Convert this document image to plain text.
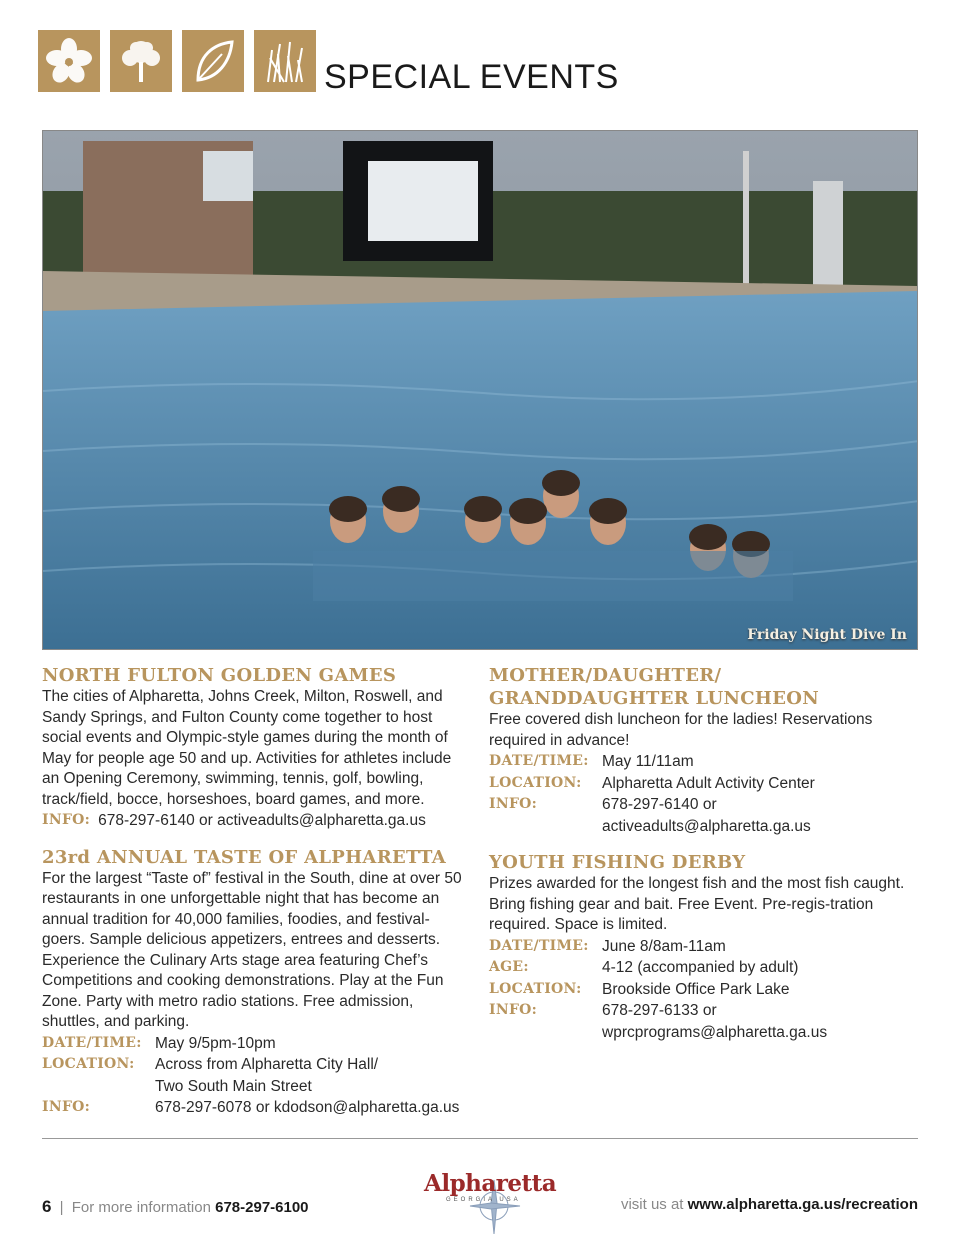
SPECIAL EVENTS
Friday Night Dive In
NORTH FULTON GOLDEN GAMES
The cities of Alpharetta, Johns Creek, Milton, Roswell, and Sandy Springs, and Fulton County come together to host social events and Olympic-style games during the month of May for people age 50 and up. Activities for athletes include an Opening Ceremony, swimming, tennis, golf, bowling, track/field, bocce, horseshoes, board games, and more.
INFO: 678-297-6140 or activeadults@alpharetta.ga.us
23rd ANNUAL TASTE OF ALPHARETTA
For the largest “Taste of” festival in the South, dine at over 50 restaurants in one unforgettable night that has become an annual tradition for 40,000 families, foodies, and festival-goers. Sample delicious appetizers, entrees and desserts. Experience the Culinary Arts stage area featuring Chef’s Competitions and cooking demonstrations. Play at the Fun Zone. Party with metro radio stations. Free admission, shuttles, and parking.
DATE/TIME: May 9/5pm-10pm
LOCATION:	Across from Alpharetta City Hall/
Two South Main Street
INFO:	678-297-6078 or kdodson@alpharetta.ga.us
MOTHER/DAUGHTER/
GRANDDAUGHTER LUNCHEON
Free covered dish luncheon for the ladies! Reservations required in advance!
DATE/TIME: May 11/11am
LOCATION:	Alpharetta Adult Activity Center
INFO:	678-297-6140 or
activeadults@alpharetta.ga.us
YOUTH FISHING DERBY
Prizes awarded for the longest fish and the most fish caught. Bring fishing gear and bait. Free Event. Pre-regis-tration required. Space is limited.
DATE/TIME: June 8/8am-11am
AGE:	4-12 (accompanied by adult)
LOCATION:	Brookside Office Park Lake
INFO:	678-297-6133 or
wprcprograms@alpharetta.ga.us
6 | For more information 678-297-6100
Alpharetta
GEORGIA USA	visit us at www.alpharetta.ga.us/recreation
